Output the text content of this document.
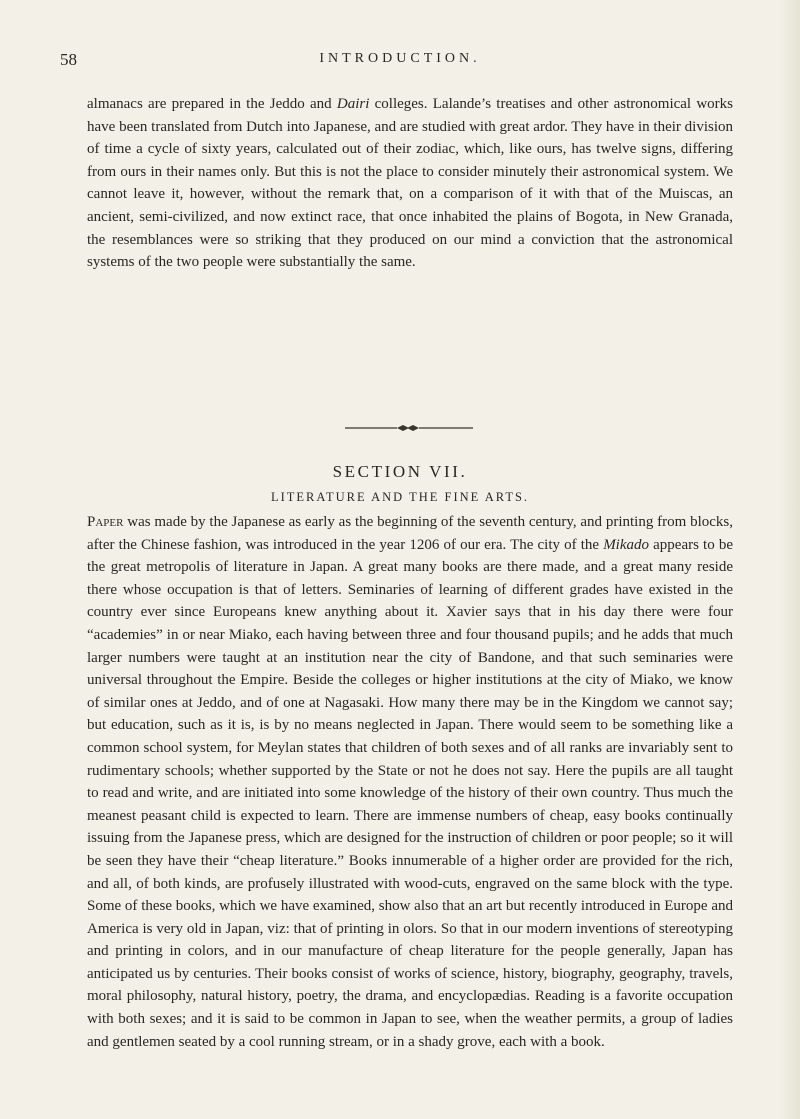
58	INTRODUCTION.

almanacs are prepared in the Jeddo and Dairi colleges. Lalande’s treatises and other astronomical works have been translated from Dutch into Japanese, and are studied with great ardor. They have in their division of time a cycle of sixty years, calculated out of their zodiac, which, like ours, has twelve signs, differing from ours in their names only. But this is not the place to consider minutely their astronomical system. We cannot leave it, however, without the remark that, on a comparison of it with that of the Muiscas, an ancient, semi-civilized, and now extinct race, that once inhabited the plains of Bogota, in New Granada, the resemblances were so striking that they produced on our mind a conviction that the astronomical systems of the two people were substantially the same.

SECTION VII.
LITERATURE AND THE FINE ARTS.

Paper was made by the Japanese as early as the beginning of the seventh century, and printing from blocks, after the Chinese fashion, was introduced in the year 1206 of our era. The city of the Mikado appears to be the great metropolis of literature in Japan. A great many books are there made, and a great many reside there whose occupation is that of letters. Seminaries of learning of different grades have existed in the country ever since Europeans knew anything about it. Xavier says that in his day there were four “academies” in or near Miako, each having between three and four thousand pupils; and he adds that much larger numbers were taught at an institution near the city of Bandone, and that such seminaries were universal throughout the Empire. Beside the colleges or higher institutions at the city of Miako, we know of similar ones at Jeddo, and of one at Nagasaki. How many there may be in the Kingdom we cannot say; but education, such as it is, is by no means neglected in Japan. There would seem to be something like a common school system, for Meylan states that children of both sexes and of all ranks are invariably sent to rudimentary schools; whether supported by the State or not he does not say. Here the pupils are all taught to read and write, and are initiated into some knowledge of the history of their own country. Thus much the meanest peasant child is expected to learn. There are immense numbers of cheap, easy books continually issuing from the Japanese press, which are designed for the instruction of children or poor people; so it will be seen they have their “cheap literature.” Books innumerable of a higher order are provided for the rich, and all, of both kinds, are profusely illustrated with wood-cuts, engraved on the same block with the type. Some of these books, which we have examined, show also that an art but recently introduced in Europe and America is very old in Japan, viz: that of printing in olors. So that in our modern inventions of stereotyping and printing in colors, and in our manufacture of cheap literature for the people generally, Japan has anticipated us by centuries. Their books consist of works of science, history, biography, geography, travels, moral philosophy, natural history, poetry, the drama, and encyclopædias. Reading is a favorite occupation with both sexes; and it is said to be common in Japan to see, when the weather permits, a group of ladies and gentlemen seated by a cool running stream, or in a shady grove, each with a book.
